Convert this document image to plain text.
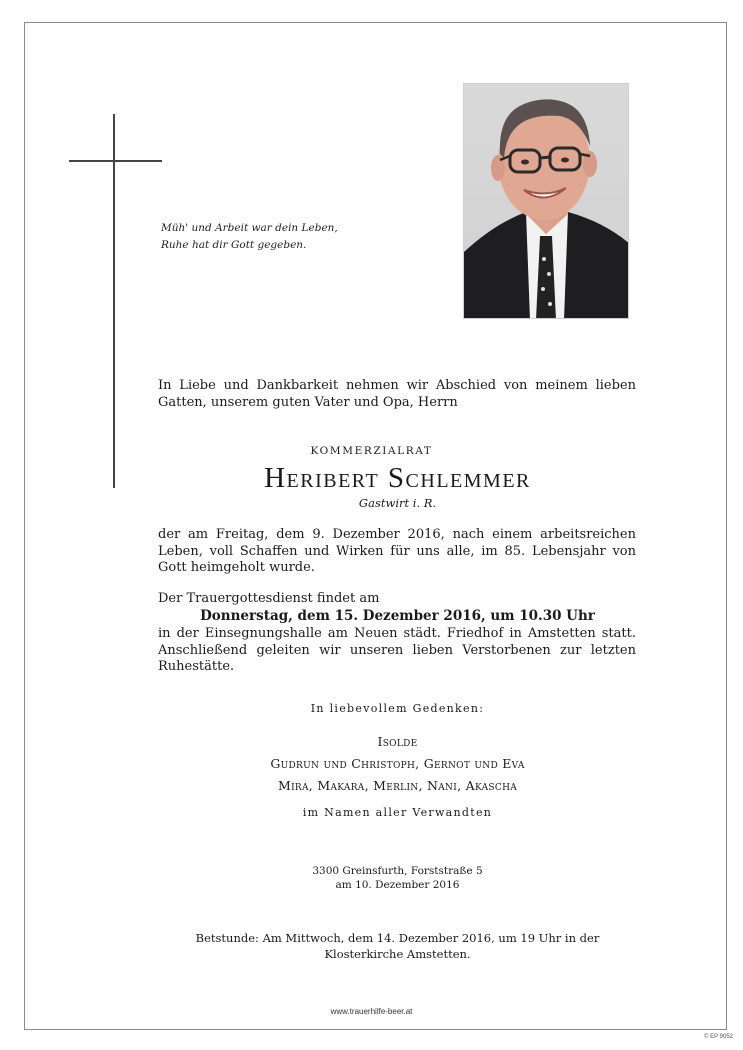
Müh' und Arbeit war dein Leben,
Ruhe hat dir Gott gegeben.
In Liebe und Dankbarkeit nehmen wir Abschied von meinem lieben Gatten, unserem guten Vater und Opa, Herrn
KOMMERZIALRAT
Heribert Schlemmer
Gastwirt i. R.
der am Freitag, dem 9. Dezember 2016, nach einem arbeitsreichen Leben, voll Schaffen und Wirken für uns alle, im 85. Lebensjahr von Gott heimgeholt wurde.
Der Trauergottesdienst findet am
Donnerstag, dem 15. Dezember 2016, um 10.30 Uhr
in der Einsegnungshalle am Neuen städt. Friedhof in Amstetten statt. Anschließend geleiten wir unseren lieben Verstorbenen zur letzten Ruhestätte.
In liebevollem Gedenken:
Isolde
Gudrun und Christoph, Gernot und Eva
Mira, Makara, Merlin, Nani, Akascha
im Namen aller Verwandten
3300 Greinsfurth, Forststraße 5
am 10. Dezember 2016
Betstunde: Am Mittwoch, dem 14. Dezember 2016, um 19 Uhr in der
Klosterkirche Amstetten.
www.trauerhilfe-beer.at
© EP 9052
